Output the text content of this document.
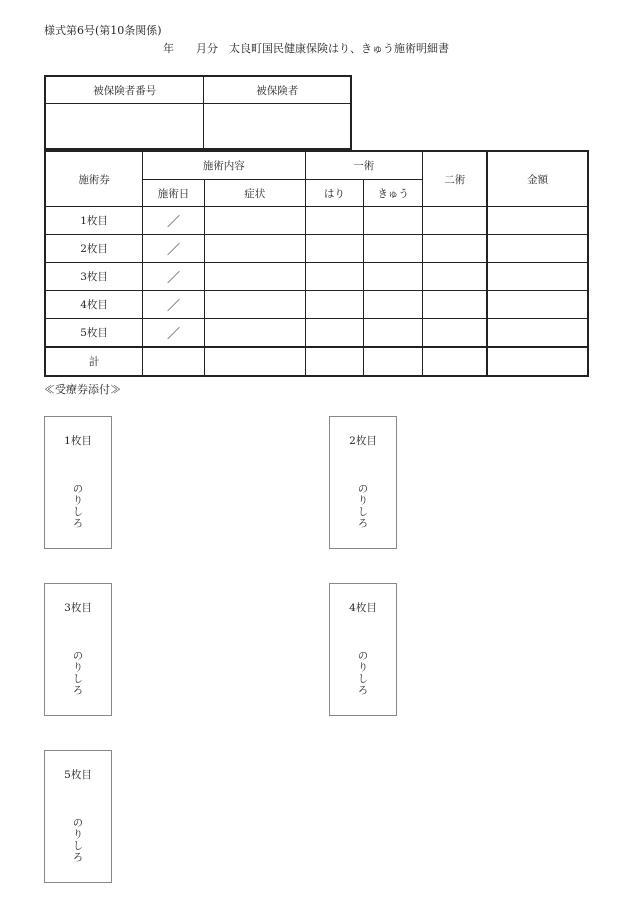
様式第6号(第10条関係)
年　　月分　太良町国民健康保険はり、きゅう施術明細書
被保険者番号	被保険者

施術券	施術内容		一術		二術	金額
	施術日	症状	はり	きゅう		
1枚目	／					
2枚目	／					
3枚目	／					
4枚目	／					
5枚目	／					
計						
≪受療券添付≫
1枚目
のりしろ
2枚目
のりしろ
3枚目
のりしろ
4枚目
のりしろ
5枚目
のりしろ
